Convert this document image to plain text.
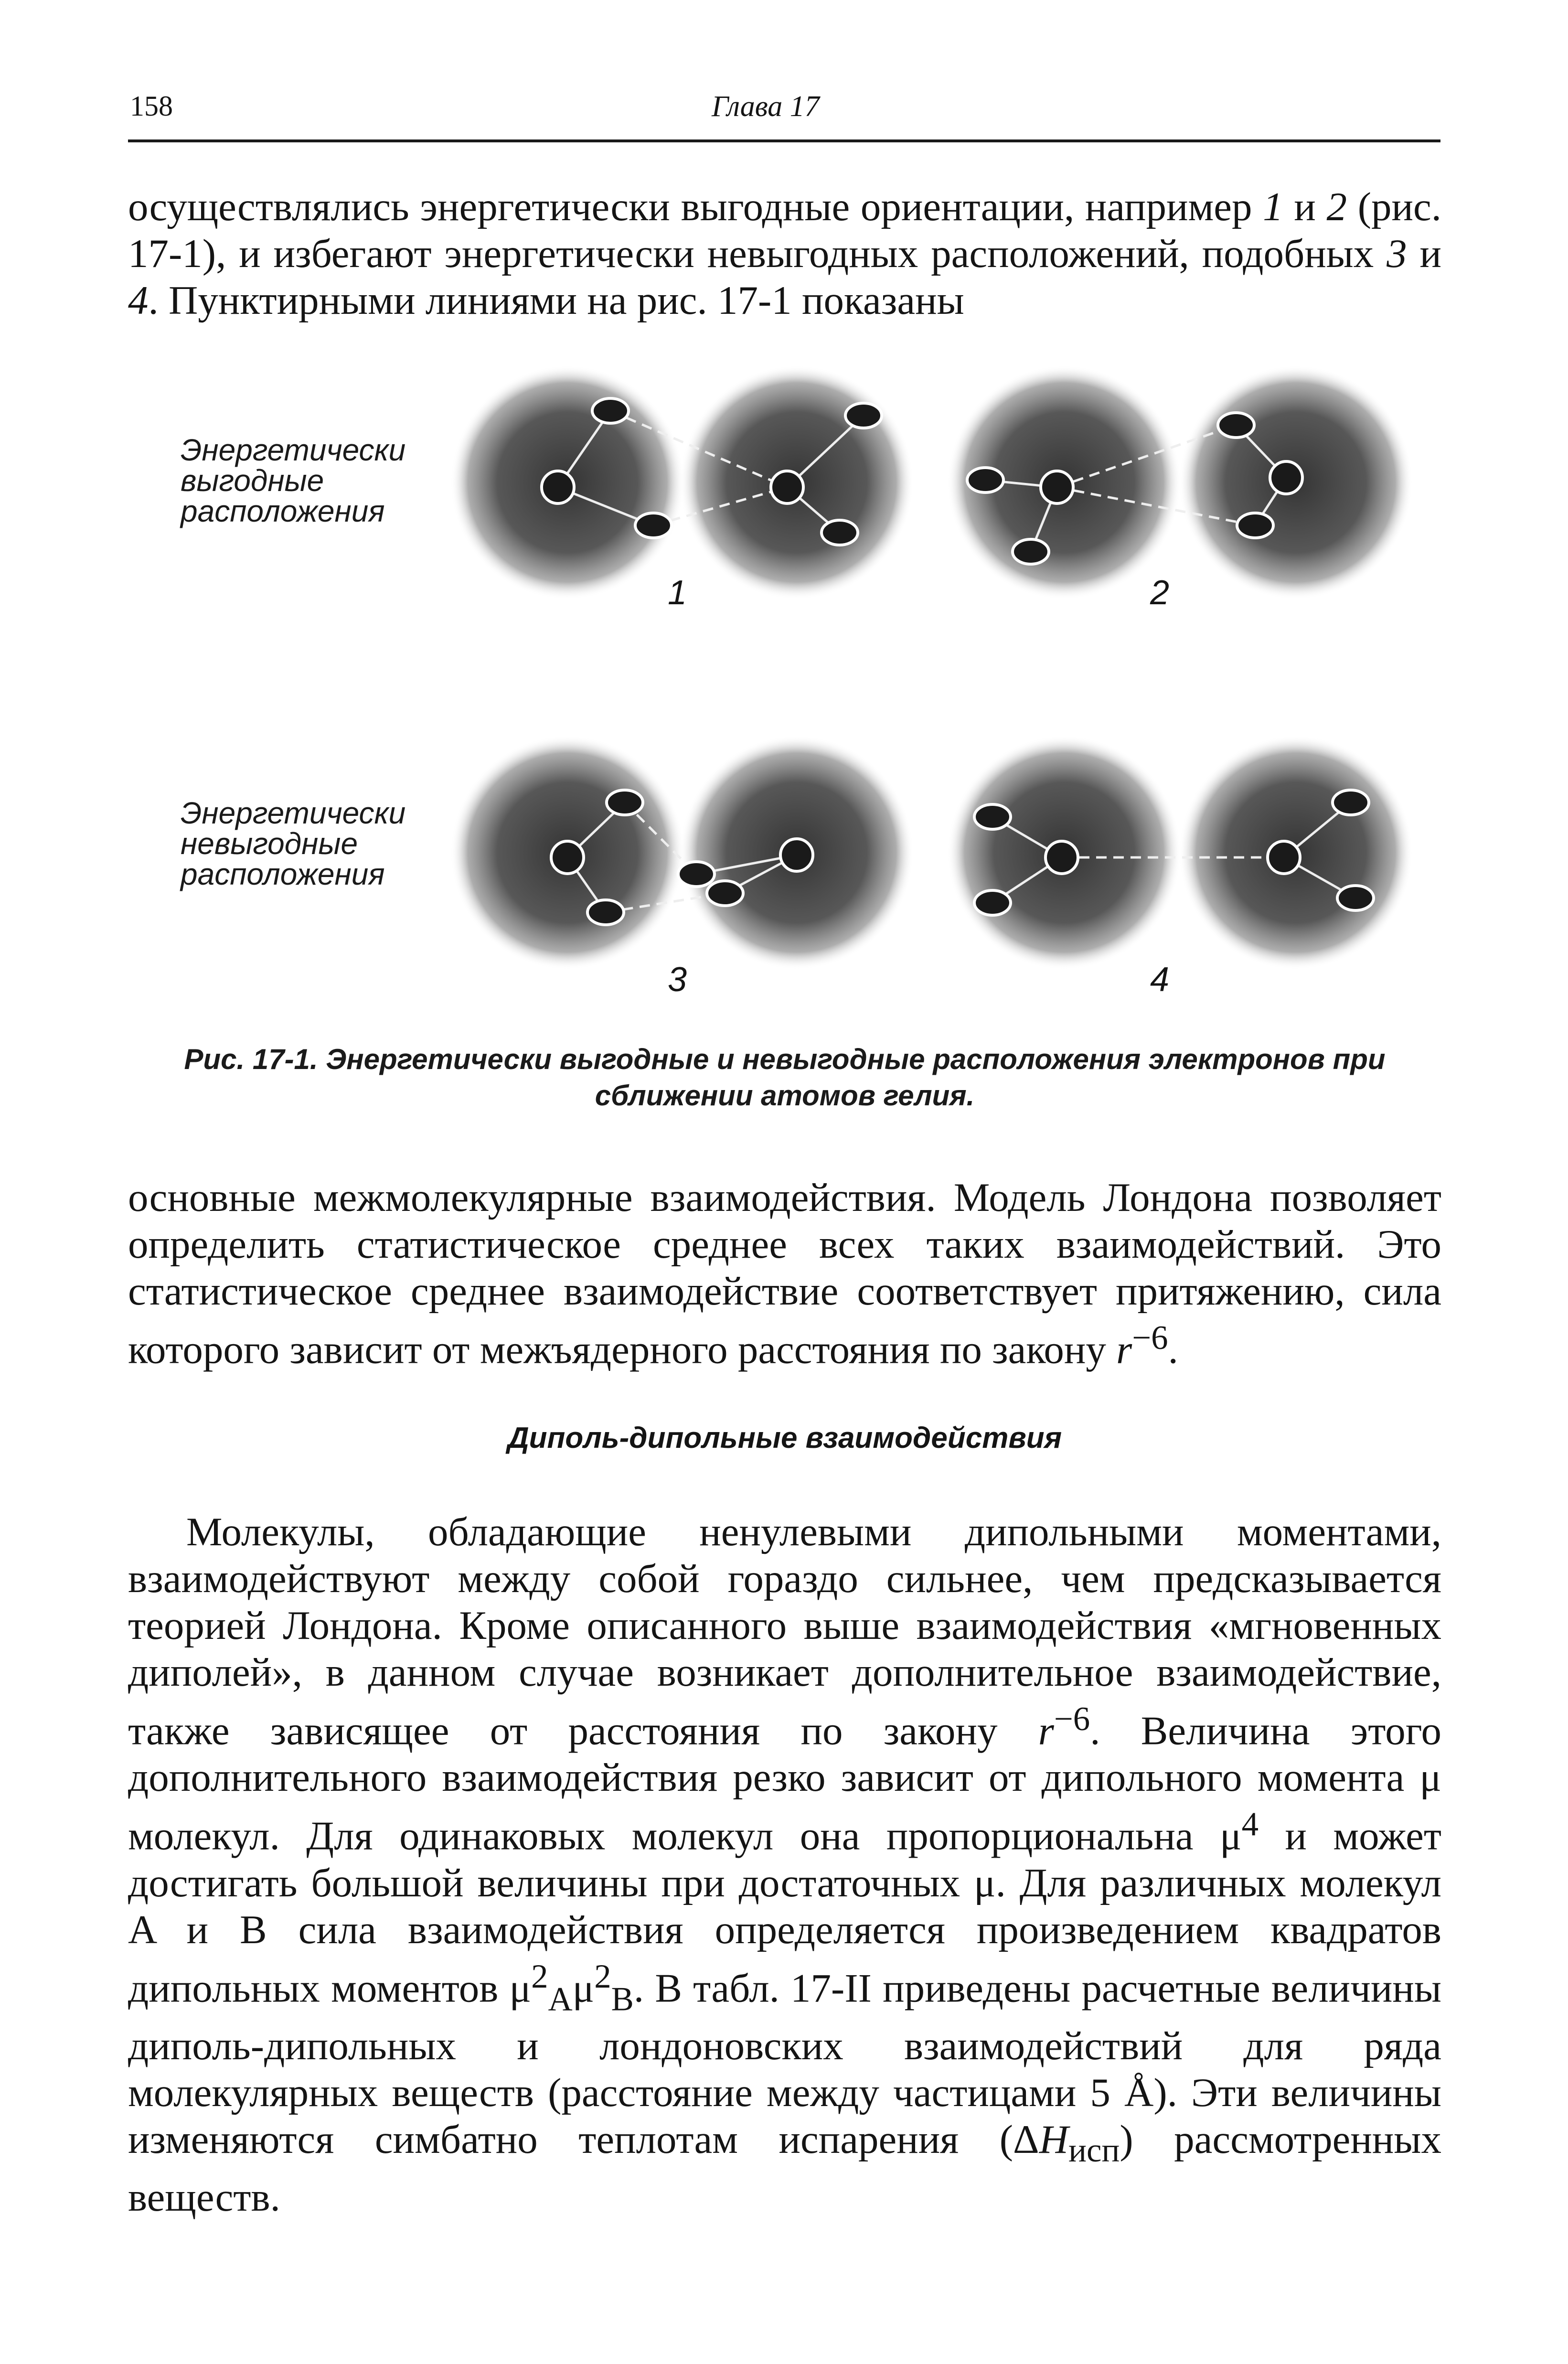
158	Глава 17
осуществлялись энергетически выгодные ориентации, например 1 и 2 (рис. 17-1), и избегают энергетически невыгодных расположений, подобных 3 и 4. Пунктирными линиями на рис. 17-1 показаны
Энергетически
выгодные
расположения
Энергетически
невыгодные
расположения
1	2
3	4
Рис. 17-1. Энергетически выгодные и невыгодные расположения электронов при сближении атомов гелия.
основные межмолекулярные взаимодействия. Модель Лондона позволяет определить статистическое среднее всех таких взаимодействий. Это статистическое среднее взаимодействие соответствует притяжению, сила которого зависит от межъядерного расстояния по закону $r^{-6}$.
Диполь-дипольные взаимодействия
Молекулы, обладающие ненулевыми дипольными моментами, взаимодействуют между собой гораздо сильнее, чем предсказывается теорией Лондона. Кроме описанного выше взаимодействия «мгновенных диполей», в данном случае возникает дополнительное взаимодействие, также зависящее от расстояния по закону $r^{-6}$. Величина этого дополнительного взаимодействия резко зависит от дипольного момента μ молекул. Для одинаковых молекул она пропорциональна $\mu^4$ и может достигать большой величины при достаточных μ. Для различных молекул A и B сила взаимодействия определяется произведением квадратов дипольных моментов $\mu^2_A\mu^2_B$. В табл. 17-II приведены расчетные величины диполь-дипольных и лондоновских взаимодействий для ряда молекулярных веществ (расстояние между частицами 5 Å). Эти величины изменяются симбатно теплотам испарения $(\Delta H_{исп})$ рассмотренных веществ.
